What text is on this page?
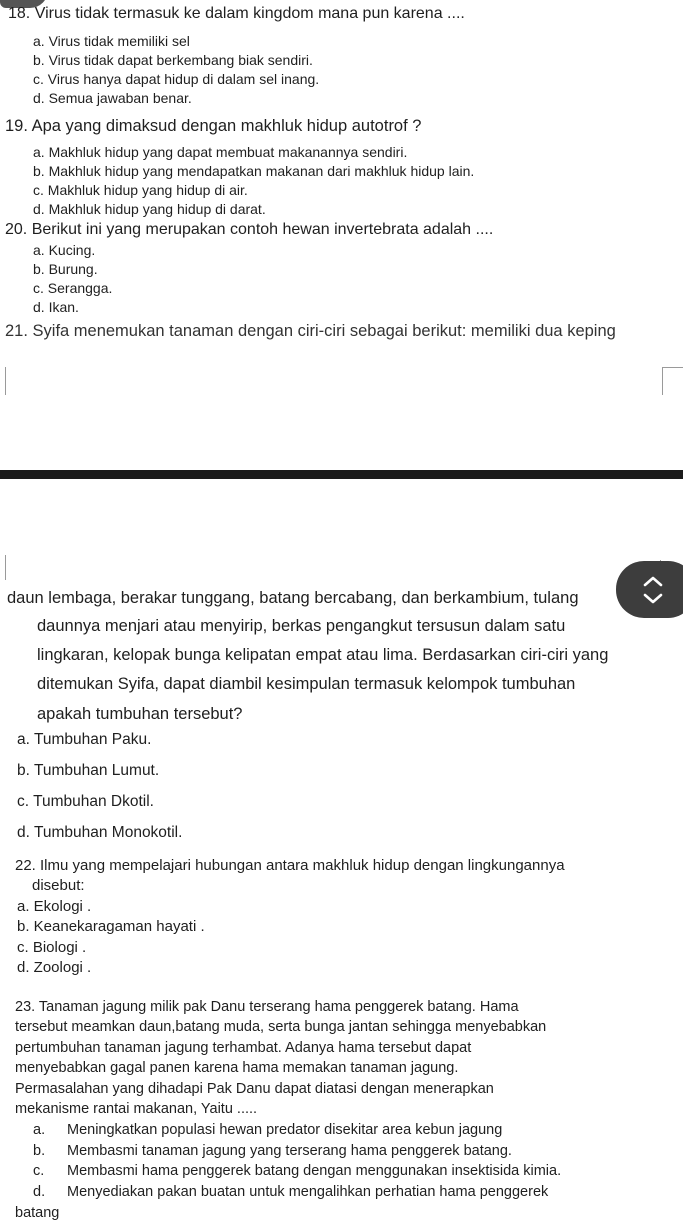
18. Virus tidak termasuk ke dalam kingdom mana pun karena ....
a. Virus tidak memiliki sel
b. Virus tidak dapat berkembang biak sendiri.
c. Virus hanya dapat hidup di dalam sel inang.
d. Semua jawaban benar.
19. Apa yang dimaksud dengan makhluk hidup autotrof ?
a. Makhluk hidup yang dapat membuat makanannya sendiri.
b. Makhluk hidup yang mendapatkan makanan dari makhluk hidup lain.
c. Makhluk hidup yang hidup di air.
d. Makhluk hidup yang hidup di darat.
20. Berikut ini yang merupakan contoh hewan invertebrata adalah ....
a. Kucing.
b. Burung.
c. Serangga.
d. Ikan.
21. Syifa menemukan tanaman dengan ciri-ciri sebagai berikut: memiliki dua keping
daun lembaga, berakar tunggang, batang bercabang, dan berkambium, tulang
daunnya menjari atau menyirip, berkas pengangkut tersusun dalam satu
lingkaran, kelopak bunga kelipatan empat atau lima. Berdasarkan ciri-ciri yang
ditemukan Syifa, dapat diambil kesimpulan termasuk kelompok tumbuhan
apakah tumbuhan tersebut?
a. Tumbuhan Paku.
b. Tumbuhan Lumut.
c. Tumbuhan Dkotil.
d. Tumbuhan Monokotil.
22. Ilmu yang mempelajari hubungan antara makhluk hidup dengan lingkungannya
disebut:
a. Ekologi .
b. Keanekaragaman hayati .
c. Biologi .
d. Zoologi .
23. Tanaman jagung milik pak Danu terserang hama penggerek batang. Hama
tersebut meamkan daun,batang muda, serta bunga jantan sehingga menyebabkan
pertumbuhan tanaman jagung terhambat. Adanya hama tersebut dapat
menyebabkan gagal panen karena hama memakan tanaman jagung.
Permasalahan yang dihadapi Pak Danu dapat diatasi dengan menerapkan
mekanisme rantai makanan, Yaitu .....
a. Meningkatkan populasi hewan predator disekitar area kebun jagung
b. Membasmi tanaman jagung yang terserang hama penggerek batang.
c. Membasmi hama penggerek batang dengan menggunakan insektisida kimia.
d. Menyediakan pakan buatan untuk mengalihkan perhatian hama penggerek
batang
